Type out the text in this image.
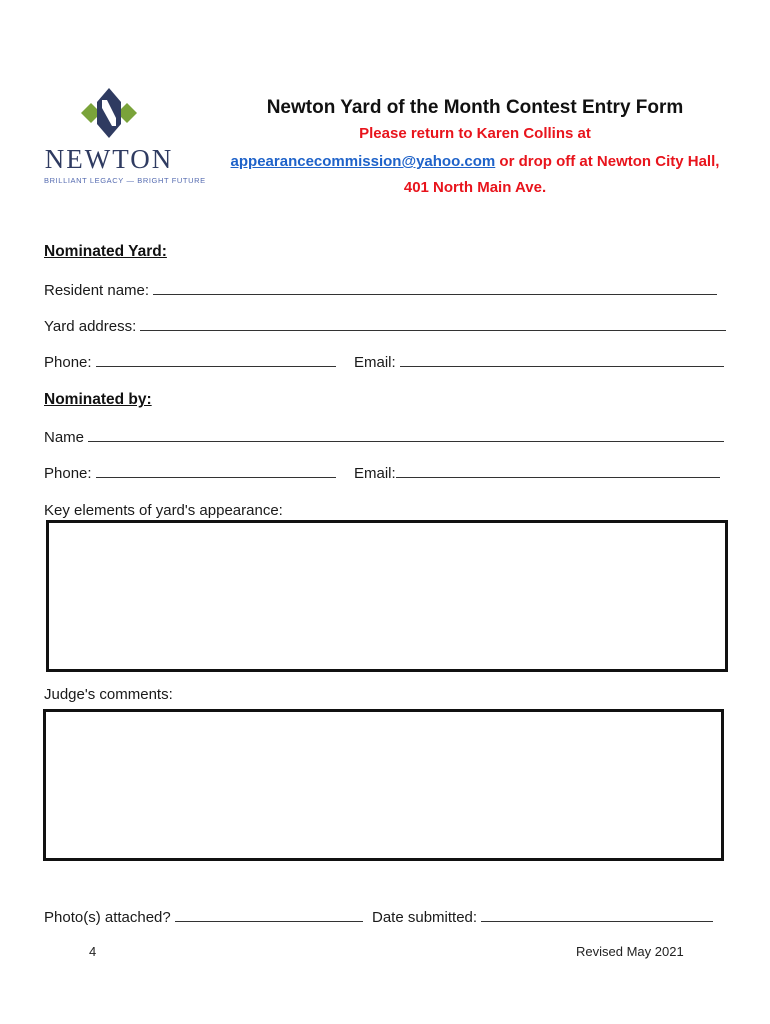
NEWTON
BRILLIANT LEGACY — BRIGHT FUTURE
Newton Yard of the Month Contest Entry Form
Please return to Karen Collins at
appearancecommission@yahoo.com or drop off at Newton City Hall,
401 North Main Ave.
Nominated Yard:
Resident name:
Yard address:
Phone:	Email:
Nominated by:
Name
Phone:	Email:
Key elements of yard's appearance:
Judge's comments:
Photo(s) attached?	Date submitted:
4	Revised May 2021
